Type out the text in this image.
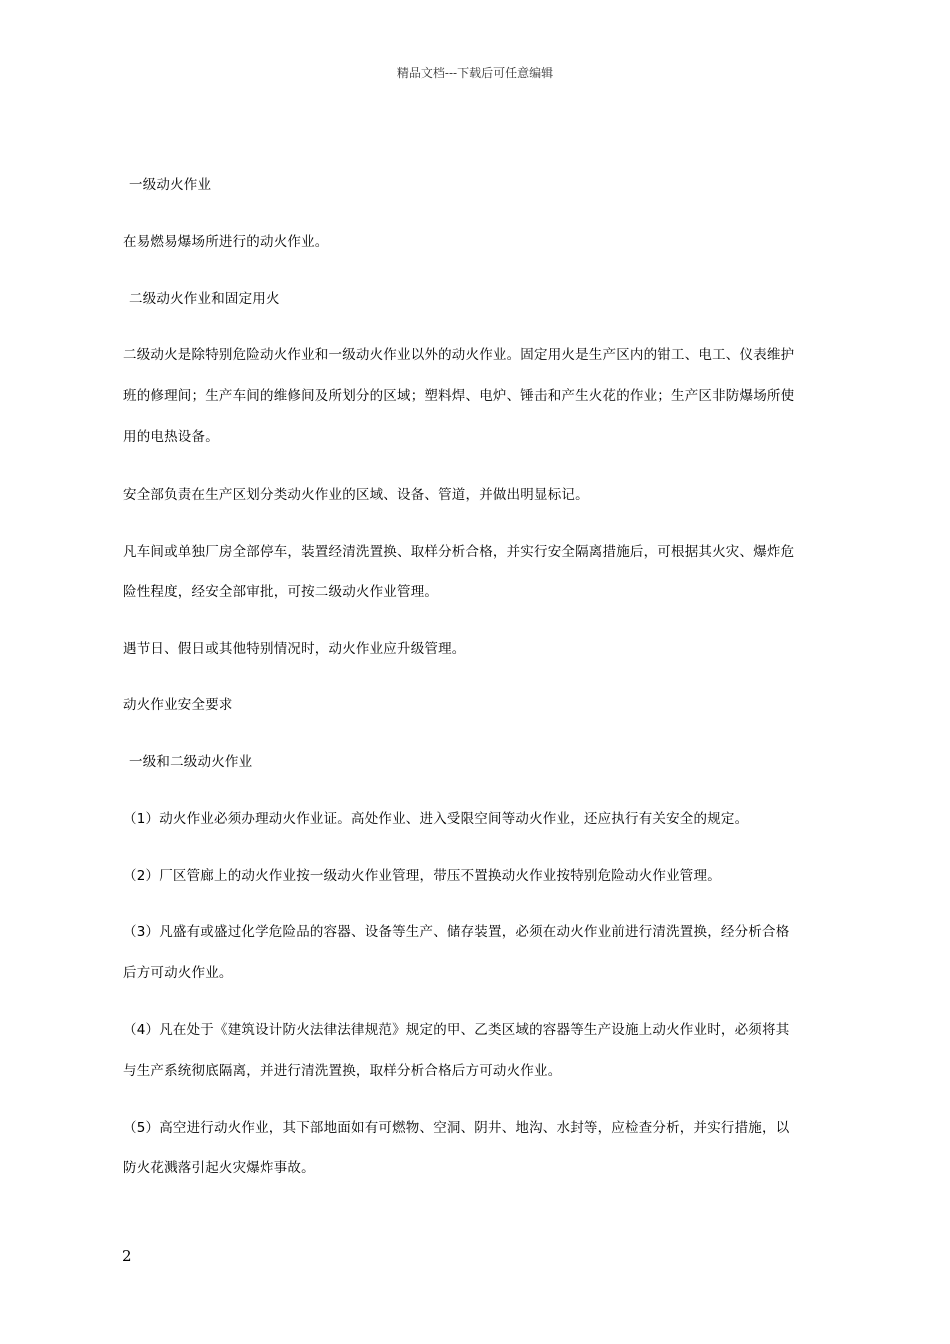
精品文档---下载后可任意编辑
一级动火作业
在易燃易爆场所进行的动火作业。
二级动火作业和固定用火
二级动火是除特别危险动火作业和一级动火作业以外的动火作业。固定用火是生产区内的钳工、电工、仪表维护
班的修理间；生产车间的维修间及所划分的区域；塑料焊、电炉、锤击和产生火花的作业；生产区非防爆场所使
用的电热设备。
安全部负责在生产区划分类动火作业的区域、设备、管道，并做出明显标记。
凡车间或单独厂房全部停车，装置经清洗置换、取样分析合格，并实行安全隔离措施后，可根据其火灾、爆炸危
险性程度，经安全部审批，可按二级动火作业管理。
遇节日、假日或其他特别情况时，动火作业应升级管理。
动火作业安全要求
一级和二级动火作业
（1）动火作业必须办理动火作业证。高处作业、进入受限空间等动火作业，还应执行有关安全的规定。
（2）厂区管廊上的动火作业按一级动火作业管理，带压不置换动火作业按特别危险动火作业管理。
（3）凡盛有或盛过化学危险品的容器、设备等生产、储存装置，必须在动火作业前进行清洗置换，经分析合格
后方可动火作业。
（4）凡在处于《建筑设计防火法律法律规范》规定的甲、乙类区域的容器等生产设施上动火作业时，必须将其
与生产系统彻底隔离，并进行清洗置换，取样分析合格后方可动火作业。
（5）高空进行动火作业，其下部地面如有可燃物、空洞、阴井、地沟、水封等，应检查分析，并实行措施，以
防火花溅落引起火灾爆炸事故。
2
